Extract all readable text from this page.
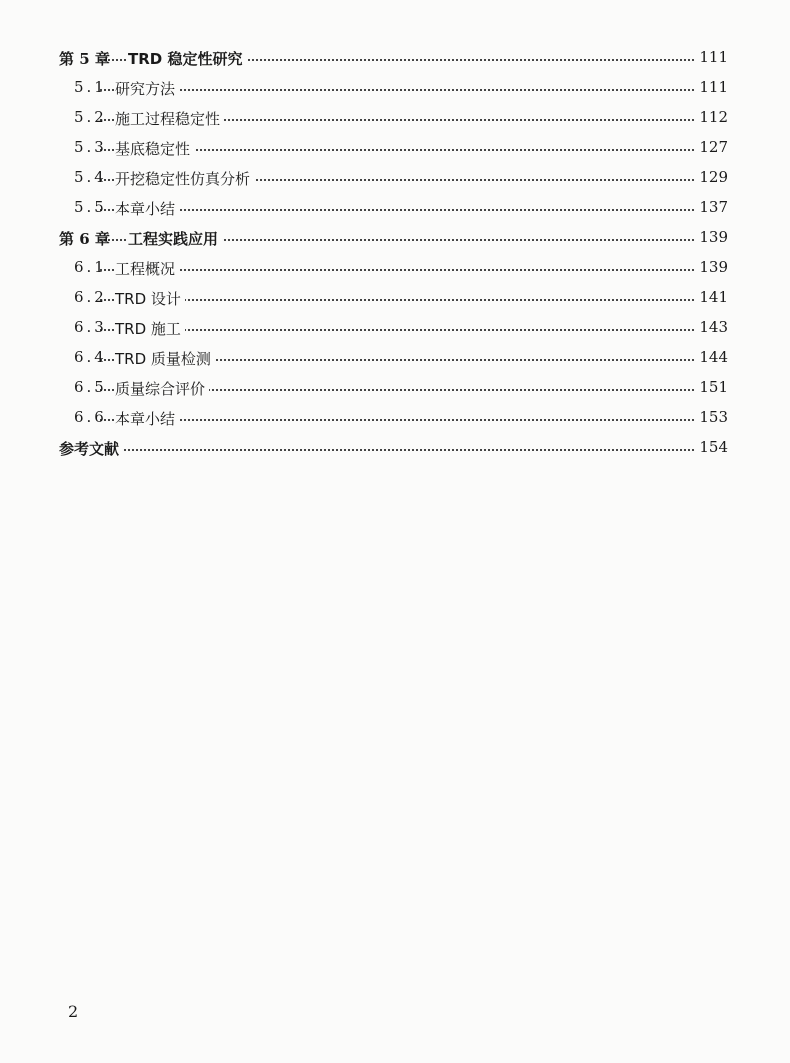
第 5 章 TRD 稳定性研究	111
5.1 研究方法	111
5.2 施工过程稳定性	112
5.3 基底稳定性	127
5.4 开挖稳定性仿真分析	129
5.5 本章小结	137
第 6 章 工程实践应用	139
6.1 工程概况	139
6.2 TRD 设计	141
6.3 TRD 施工	143
6.4 TRD 质量检测	144
6.5 质量综合评价	151
6.6 本章小结	153
参考文献	154
2
